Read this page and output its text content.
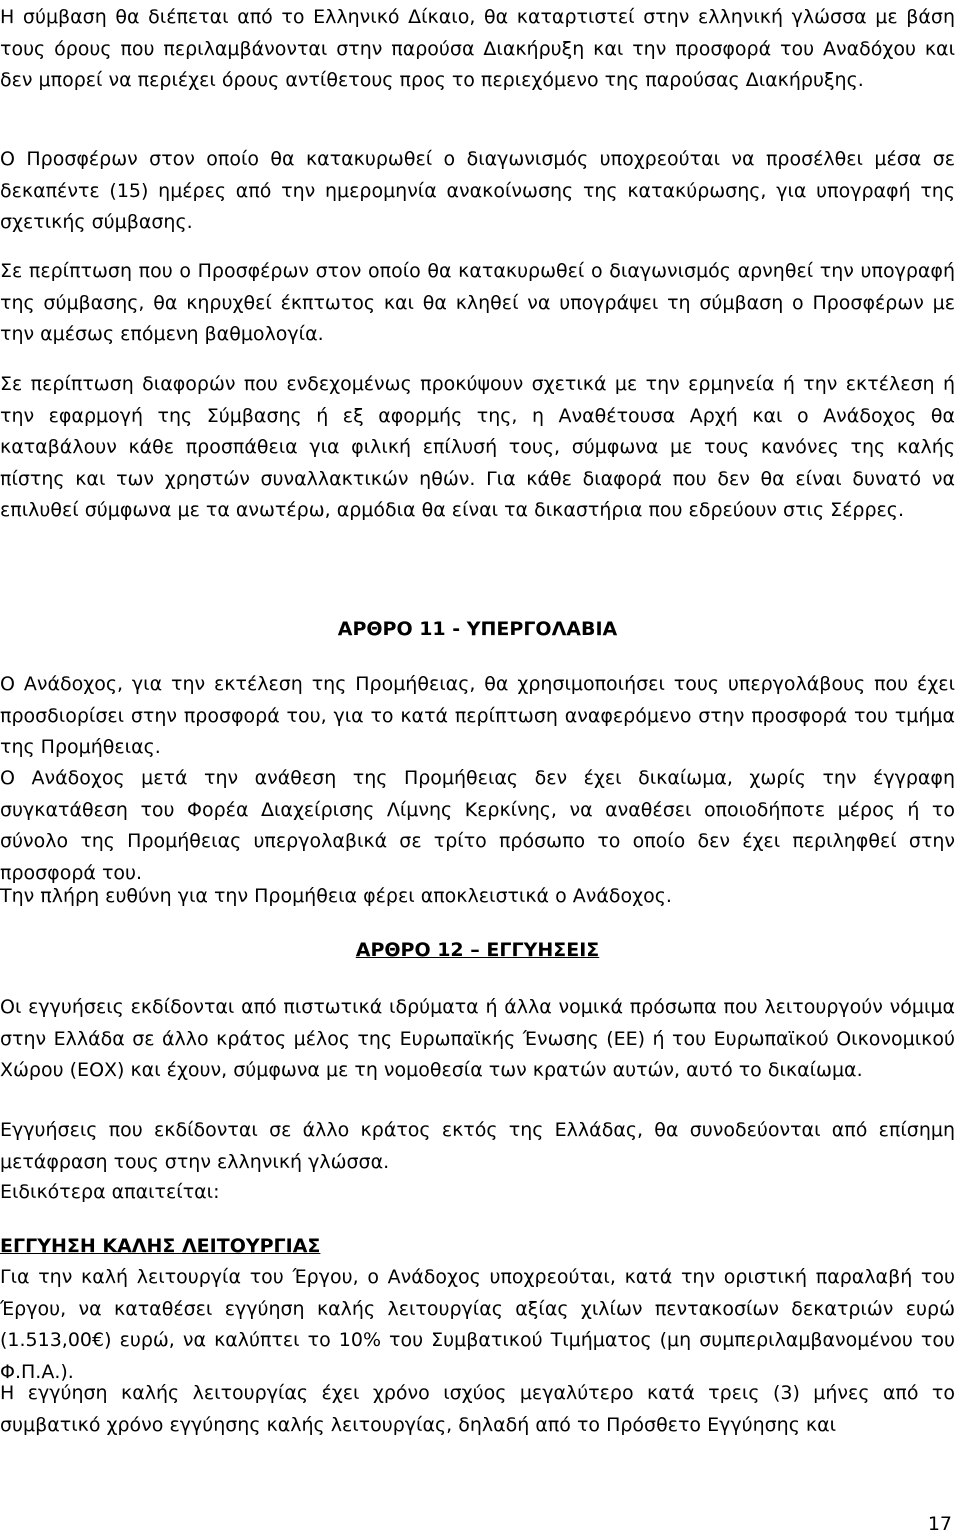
Η σύμβαση θα διέπεται από το Ελληνικό Δίκαιο, θα καταρτιστεί στην ελληνική γλώσσα με βάση τους όρους που περιλαμβάνονται στην παρούσα Διακήρυξη και την προσφορά του Αναδόχου και δεν μπορεί να περιέχει όρους αντίθετους προς το περιεχόμενο της παρούσας Διακήρυξης.

Ο Προσφέρων στον οποίο θα κατακυρωθεί ο διαγωνισμός υποχρεούται να προσέλθει μέσα σε δεκαπέντε (15) ημέρες από την ημερομηνία ανακοίνωσης της κατακύρωσης, για υπογραφή της σχετικής σύμβασης.

Σε περίπτωση που ο Προσφέρων στον οποίο θα κατακυρωθεί ο διαγωνισμός αρνηθεί την υπογραφή της σύμβασης, θα κηρυχθεί έκπτωτος και θα κληθεί να υπογράψει τη σύμβαση ο Προσφέρων με την αμέσως επόμενη βαθμολογία.

Σε περίπτωση διαφορών που ενδεχομένως προκύψουν σχετικά με την ερμηνεία ή την εκτέλεση ή την εφαρμογή της Σύμβασης ή εξ αφορμής της, η Αναθέτουσα Αρχή και ο Ανάδοχος θα καταβάλουν κάθε προσπάθεια για φιλική επίλυσή τους, σύμφωνα με τους κανόνες της καλής πίστης και των χρηστών συναλλακτικών ηθών. Για κάθε διαφορά που δεν θα είναι δυνατό να επιλυθεί σύμφωνα με τα ανωτέρω, αρμόδια θα είναι τα δικαστήρια που εδρεύουν στις Σέρρες.

ΑΡΘΡΟ 11 - ΥΠΕΡΓΟΛΑΒΙΑ

Ο Ανάδοχος, για την εκτέλεση της Προμήθειας, θα χρησιμοποιήσει τους υπεργολάβους που έχει προσδιορίσει στην προσφορά του, για το κατά περίπτωση αναφερόμενο στην προσφορά του τμήμα της Προμήθειας.

Ο Ανάδοχος μετά την ανάθεση της Προμήθειας δεν έχει δικαίωμα, χωρίς την έγγραφη συγκατάθεση του Φορέα Διαχείρισης Λίμνης Κερκίνης, να αναθέσει οποιοδήποτε μέρος ή το σύνολο της Προμήθειας υπεργολαβικά σε τρίτο πρόσωπο το οποίο δεν έχει περιληφθεί στην προσφορά του.

Την πλήρη ευθύνη για την Προμήθεια φέρει αποκλειστικά ο Ανάδοχος.

ΑΡΘΡΟ 12 – ΕΓΓΥΗΣΕΙΣ

Οι εγγυήσεις εκδίδονται από πιστωτικά ιδρύματα ή άλλα νομικά πρόσωπα που λειτουργούν νόμιμα στην Ελλάδα σε άλλο κράτος μέλος της Ευρωπαϊκής Ένωσης (ΕΕ) ή του Ευρωπαϊκού Οικονομικού Χώρου (ΕΟΧ) και έχουν, σύμφωνα με τη νομοθεσία των κρατών αυτών, αυτό το δικαίωμα.

Εγγυήσεις που εκδίδονται σε άλλο κράτος εκτός της Ελλάδας, θα συνοδεύονται από επίσημη μετάφραση τους στην ελληνική γλώσσα.

Ειδικότερα απαιτείται:

ΕΓΓΥΗΣΗ ΚΑΛΗΣ ΛΕΙΤΟΥΡΓΙΑΣ

Για την καλή λειτουργία του Έργου, ο Ανάδοχος υποχρεούται, κατά την οριστική παραλαβή του Έργου, να καταθέσει εγγύηση καλής λειτουργίας αξίας χιλίων πεντακοσίων δεκατριών ευρώ (1.513,00€) ευρώ, να καλύπτει το 10% του Συμβατικού Τιμήματος (μη συμπεριλαμβανομένου του Φ.Π.Α.).

Η εγγύηση καλής λειτουργίας έχει χρόνο ισχύος μεγαλύτερο κατά τρεις (3) μήνες από το συμβατικό χρόνο εγγύησης καλής λειτουργίας, δηλαδή από το Πρόσθετο Εγγύησης και

17
